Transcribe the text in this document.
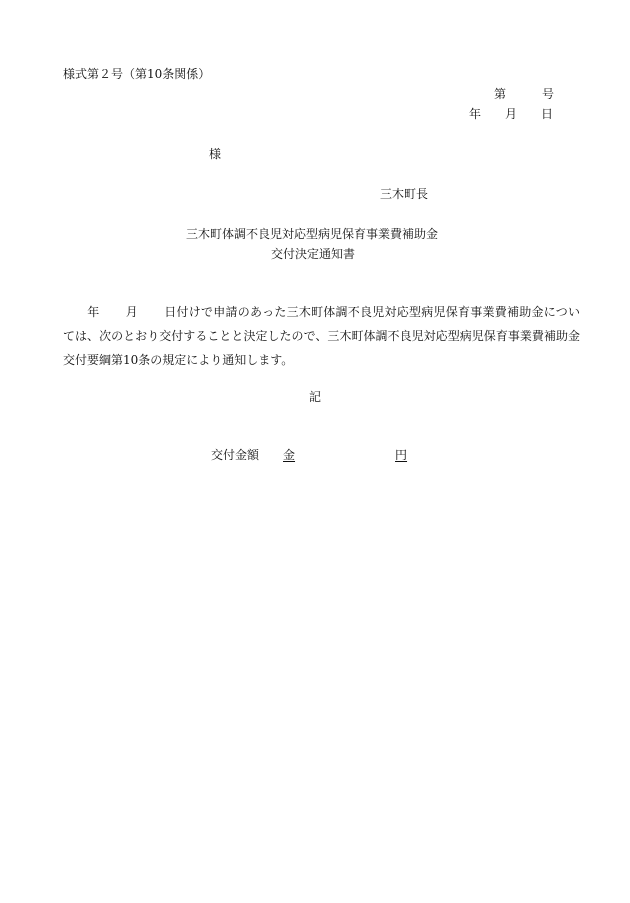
様式第２号（第10条関係）
第	号
年 月 日
様
三木町長
三木町体調不良児対応型病児保育事業費補助金
交付決定通知書
年 月 日付けで申請のあった三木町体調不良児対応型病児保育事業費補助金については、次のとおり交付することと決定したので、三木町体調不良児対応型病児保育事業費補助金交付要綱第10条の規定により通知します。
記
交付金額 金	円
